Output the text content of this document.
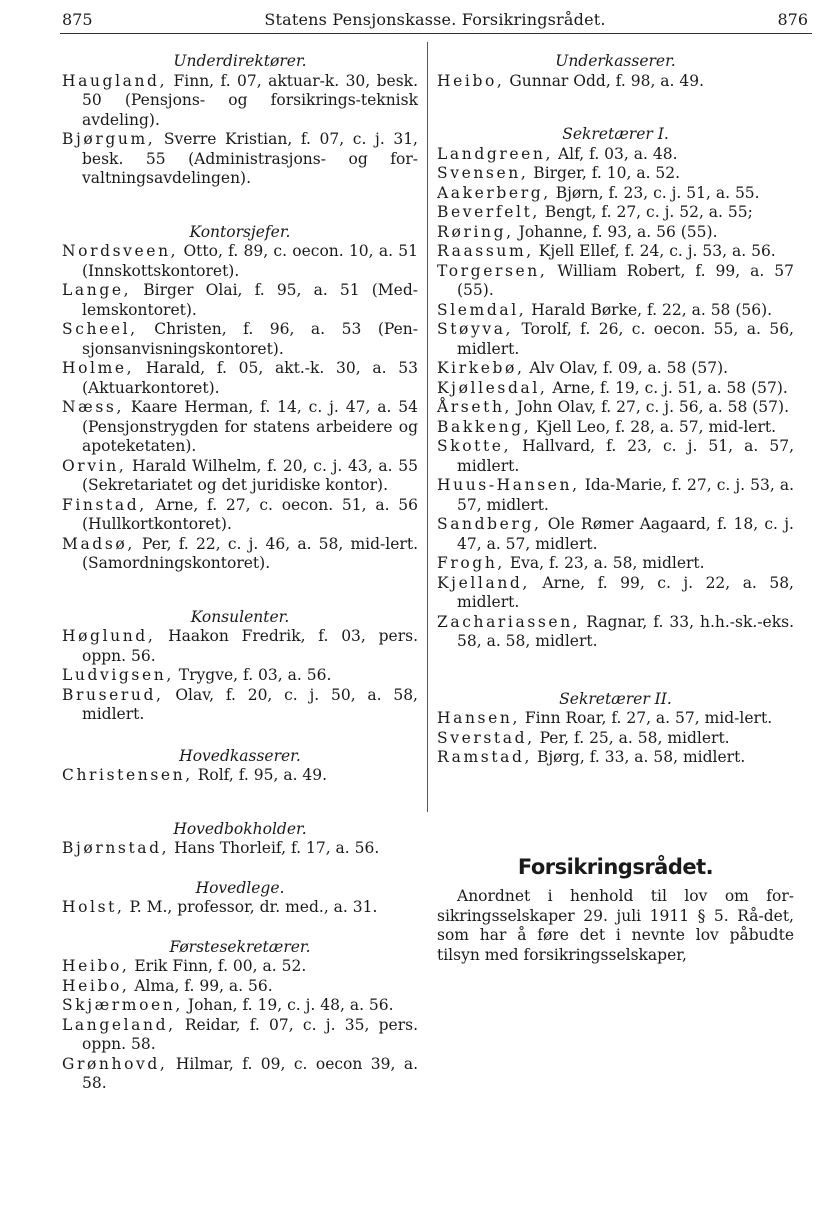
875	Statens Pensjonskasse. Forsikringsrådet.	876

Underdirektører.

Haugland, Finn, f. 07, aktuar-k. 30, besk. 50 (Pensjons- og forsikrings-teknisk avdeling).

Bjørgum, Sverre Kristian, f. 07, c. j. 31, besk. 55 (Administrasjons- og for-valtningsavdelingen).

Kontorsjefer.

Nordsveen, Otto, f. 89, c. oecon. 10, a. 51 (Innskottskontoret).

Lange, Birger Olai, f. 95, a. 51 (Med-lemskontoret).

Scheel, Christen, f. 96, a. 53 (Pen-sjonsanvisningskontoret).

Holme, Harald, f. 05, akt.-k. 30, a. 53 (Aktuarkontoret).

Næss, Kaare Herman, f. 14, c. j. 47, a. 54 (Pensjonstrygden for statens arbeidere og apoteketaten).

Orvin, Harald Wilhelm, f. 20, c. j. 43, a. 55 (Sekretariatet og det juridiske kontor).

Finstad, Arne, f. 27, c. oecon. 51, a. 56 (Hullkortkontoret).

Madsø, Per, f. 22, c. j. 46, a. 58, mid-lert. (Samordningskontoret).

Konsulenter.

Høglund, Haakon Fredrik, f. 03, pers. oppn. 56.

Ludvigsen, Trygve, f. 03, a. 56.

Bruserud, Olav, f. 20, c. j. 50, a. 58, midlert.

Hovedkasserer.

Christensen, Rolf, f. 95, a. 49.

Hovedbokholder.

Bjørnstad, Hans Thorleif, f. 17, a. 56.

Hovedlege.

Holst, P. M., professor, dr. med., a. 31.

Førstesekretærer.

Heibo, Erik Finn, f. 00, a. 52.

Heibo, Alma, f. 99, a. 56.

Skjærmoen, Johan, f. 19, c. j. 48, a. 56.

Langeland, Reidar, f. 07, c. j. 35, pers. oppn. 58.

Grønhovd, Hilmar, f. 09, c. oecon 39, a. 58.

Underkasserer.

Heibo, Gunnar Odd, f. 98, a. 49.

Sekretærer I.

Landgreen, Alf, f. 03, a. 48.

Svensen, Birger, f. 10, a. 52.

Aakerberg, Bjørn, f. 23, c. j. 51, a. 55.

Beverfelt, Bengt, f. 27, c. j. 52, a. 55;

Røring, Johanne, f. 93, a. 56 (55).

Raassum, Kjell Ellef, f. 24, c. j. 53, a. 56.

Torgersen, William Robert, f. 99, a. 57 (55).

Slemdal, Harald Børke, f. 22, a. 58 (56).

Støyva, Torolf, f. 26, c. oecon. 55, a. 56, midlert.

Kirkebø, Alv Olav, f. 09, a. 58 (57).

Kjøllesdal, Arne, f. 19, c. j. 51, a. 58 (57).

Årseth, John Olav, f. 27, c. j. 56, a. 58 (57).

Bakkeng, Kjell Leo, f. 28, a. 57, mid-lert.

Skotte, Hallvard, f. 23, c. j. 51, a. 57, midlert.

Huus-Hansen, Ida-Marie, f. 27, c. j. 53, a. 57, midlert.

Sandberg, Ole Rømer Aagaard, f. 18, c. j. 47, a. 57, midlert.

Frogh, Eva, f. 23, a. 58, midlert.

Kjelland, Arne, f. 99, c. j. 22, a. 58, midlert.

Zachariassen, Ragnar, f. 33, h.h.-sk.-eks. 58, a. 58, midlert.

Sekretærer II.

Hansen, Finn Roar, f. 27, a. 57, mid-lert.

Sverstad, Per, f. 25, a. 58, midlert.

Ramstad, Bjørg, f. 33, a. 58, midlert.

Forsikringsrådet.

Anordnet i henhold til lov om for-sikringsselskaper 29. juli 1911 § 5. Rå-det, som har å føre det i nevnte lov påbudte tilsyn med forsikringsselskaper,
